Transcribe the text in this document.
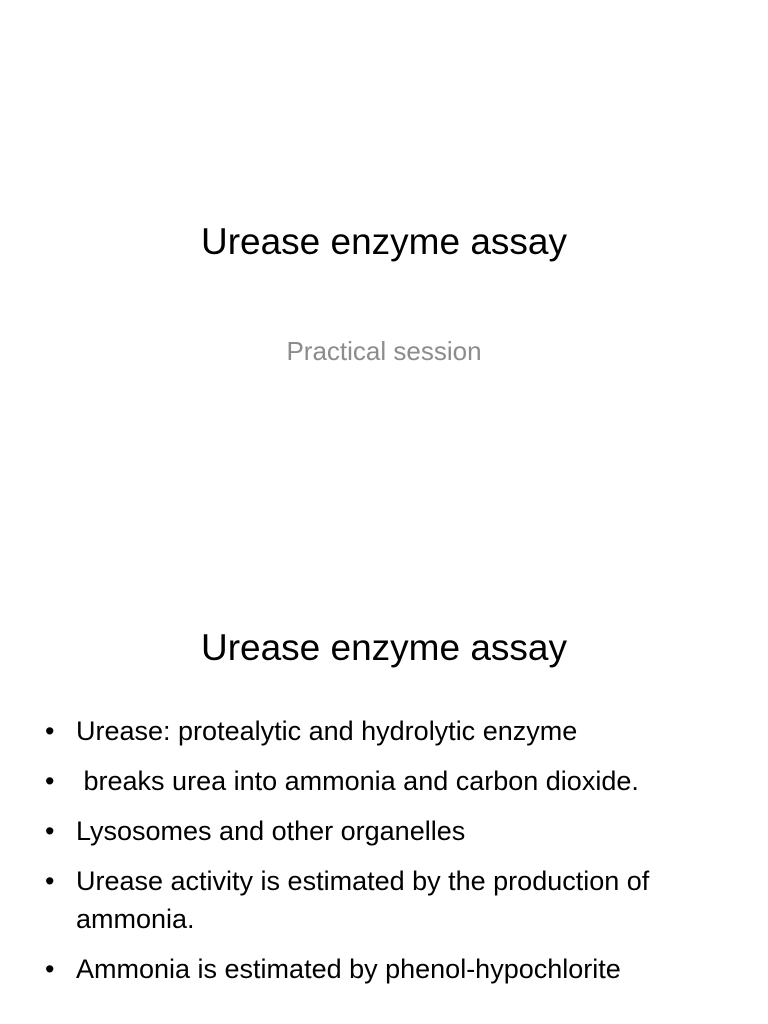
Urease enzyme assay

Practical session

Urease enzyme assay
• Urease: protealytic and hydrolytic enzyme
• breaks urea into ammonia and carbon dioxide.
• Lysosomes and other organelles
• Urease activity is estimated by the production of ammonia.
• Ammonia is estimated by phenol-hypochlorite
